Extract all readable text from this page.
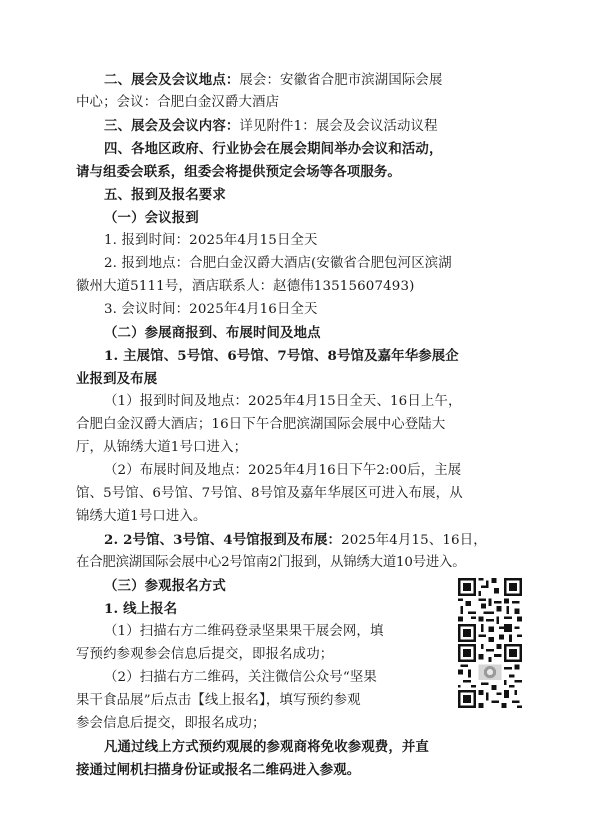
二、展会及会议地点：展会：安徽省合肥市滨湖国际会展
中心；会议：合肥白金汉爵大酒店
三、展会及会议内容：详见附件1：展会及会议活动议程
四、各地区政府、行业协会在展会期间举办会议和活动，
请与组委会联系，组委会将提供预定会场等各项服务。
五、报到及报名要求
（一）会议报到
1. 报到时间：2025年4月15日全天
2. 报到地点：合肥白金汉爵大酒店(安徽省合肥包河区滨湖
徽州大道5111号，酒店联系人：赵德伟13515607493)
3. 会议时间：2025年4月16日全天
（二）参展商报到、布展时间及地点
1. 主展馆、5号馆、6号馆、7号馆、8号馆及嘉年华参展企
业报到及布展
（1）报到时间及地点：2025年4月15日全天、16日上午，
合肥白金汉爵大酒店；16日下午合肥滨湖国际会展中心登陆大
厅，从锦绣大道1号口进入；
（2）布展时间及地点：2025年4月16日下午2:00后，主展
馆、5号馆、6号馆、7号馆、8号馆及嘉年华展区可进入布展，从
锦绣大道1号口进入。
2. 2号馆、3号馆、4号馆报到及布展：2025年4月15、16日，
在合肥滨湖国际会展中心2号馆南2门报到，从锦绣大道10号进入。
（三）参观报名方式
1. 线上报名
（1）扫描右方二维码登录坚果果干展会网，填
写预约参观参会信息后提交，即报名成功；
（2）扫描右方二维码，关注微信公众号“坚果
果干食品展”后点击【线上报名】，填写预约参观
参会信息后提交，即报名成功；
凡通过线上方式预约观展的参观商将免收参观费，并直
接通过闸机扫描身份证或报名二维码进入参观。
